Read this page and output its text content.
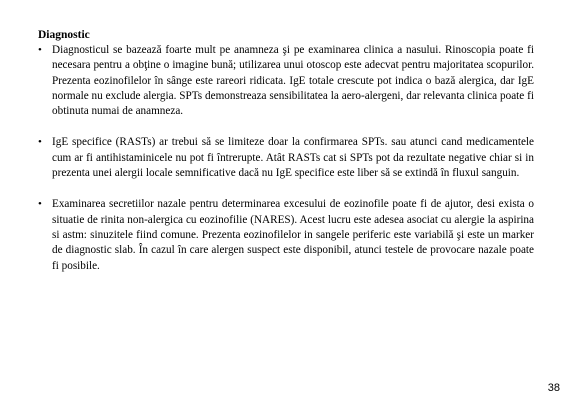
Diagnostic

• Diagnosticul se bazează foarte mult pe anamneza şi pe examinarea clinica a nasului. Rinoscopia poate fi necesara pentru a obţine o imagine bună; utilizarea unui otoscop este adecvat pentru majoritatea scopurilor. Prezenta eozinofilelor în sânge este rareori ridicata. IgE totale crescute pot indica o bază alergica, dar IgE normale nu exclude alergia. SPTs demonstreaza sensibilitatea la aero-alergeni, dar relevanta clinica poate fi obtinuta numai de anamneza.

• IgE specifice (RASTs) ar trebui să se limiteze doar la confirmarea SPTs. sau atunci cand medicamentele cum ar fi antihistaminicele nu pot fi întrerupte. Atât RASTs cat si SPTs pot da rezultate negative chiar si in prezenta unei alergii locale semnificative dacă nu IgE specifice este liber să se extindă în fluxul sanguin.

• Examinarea secretiilor nazale pentru determinarea excesului de eozinofile poate fi de ajutor, desi exista o situatie de rinita non-alergica cu eozinofilie (NARES). Acest lucru este adesea asociat cu alergie la aspirina si astm: sinuzitele fiind comune. Prezenta eozinofilelor in sangele periferic este variabilă şi este un marker de diagnostic slab. În cazul în care alergen suspect este disponibil, atunci testele de provocare nazale poate fi posibile.

38
